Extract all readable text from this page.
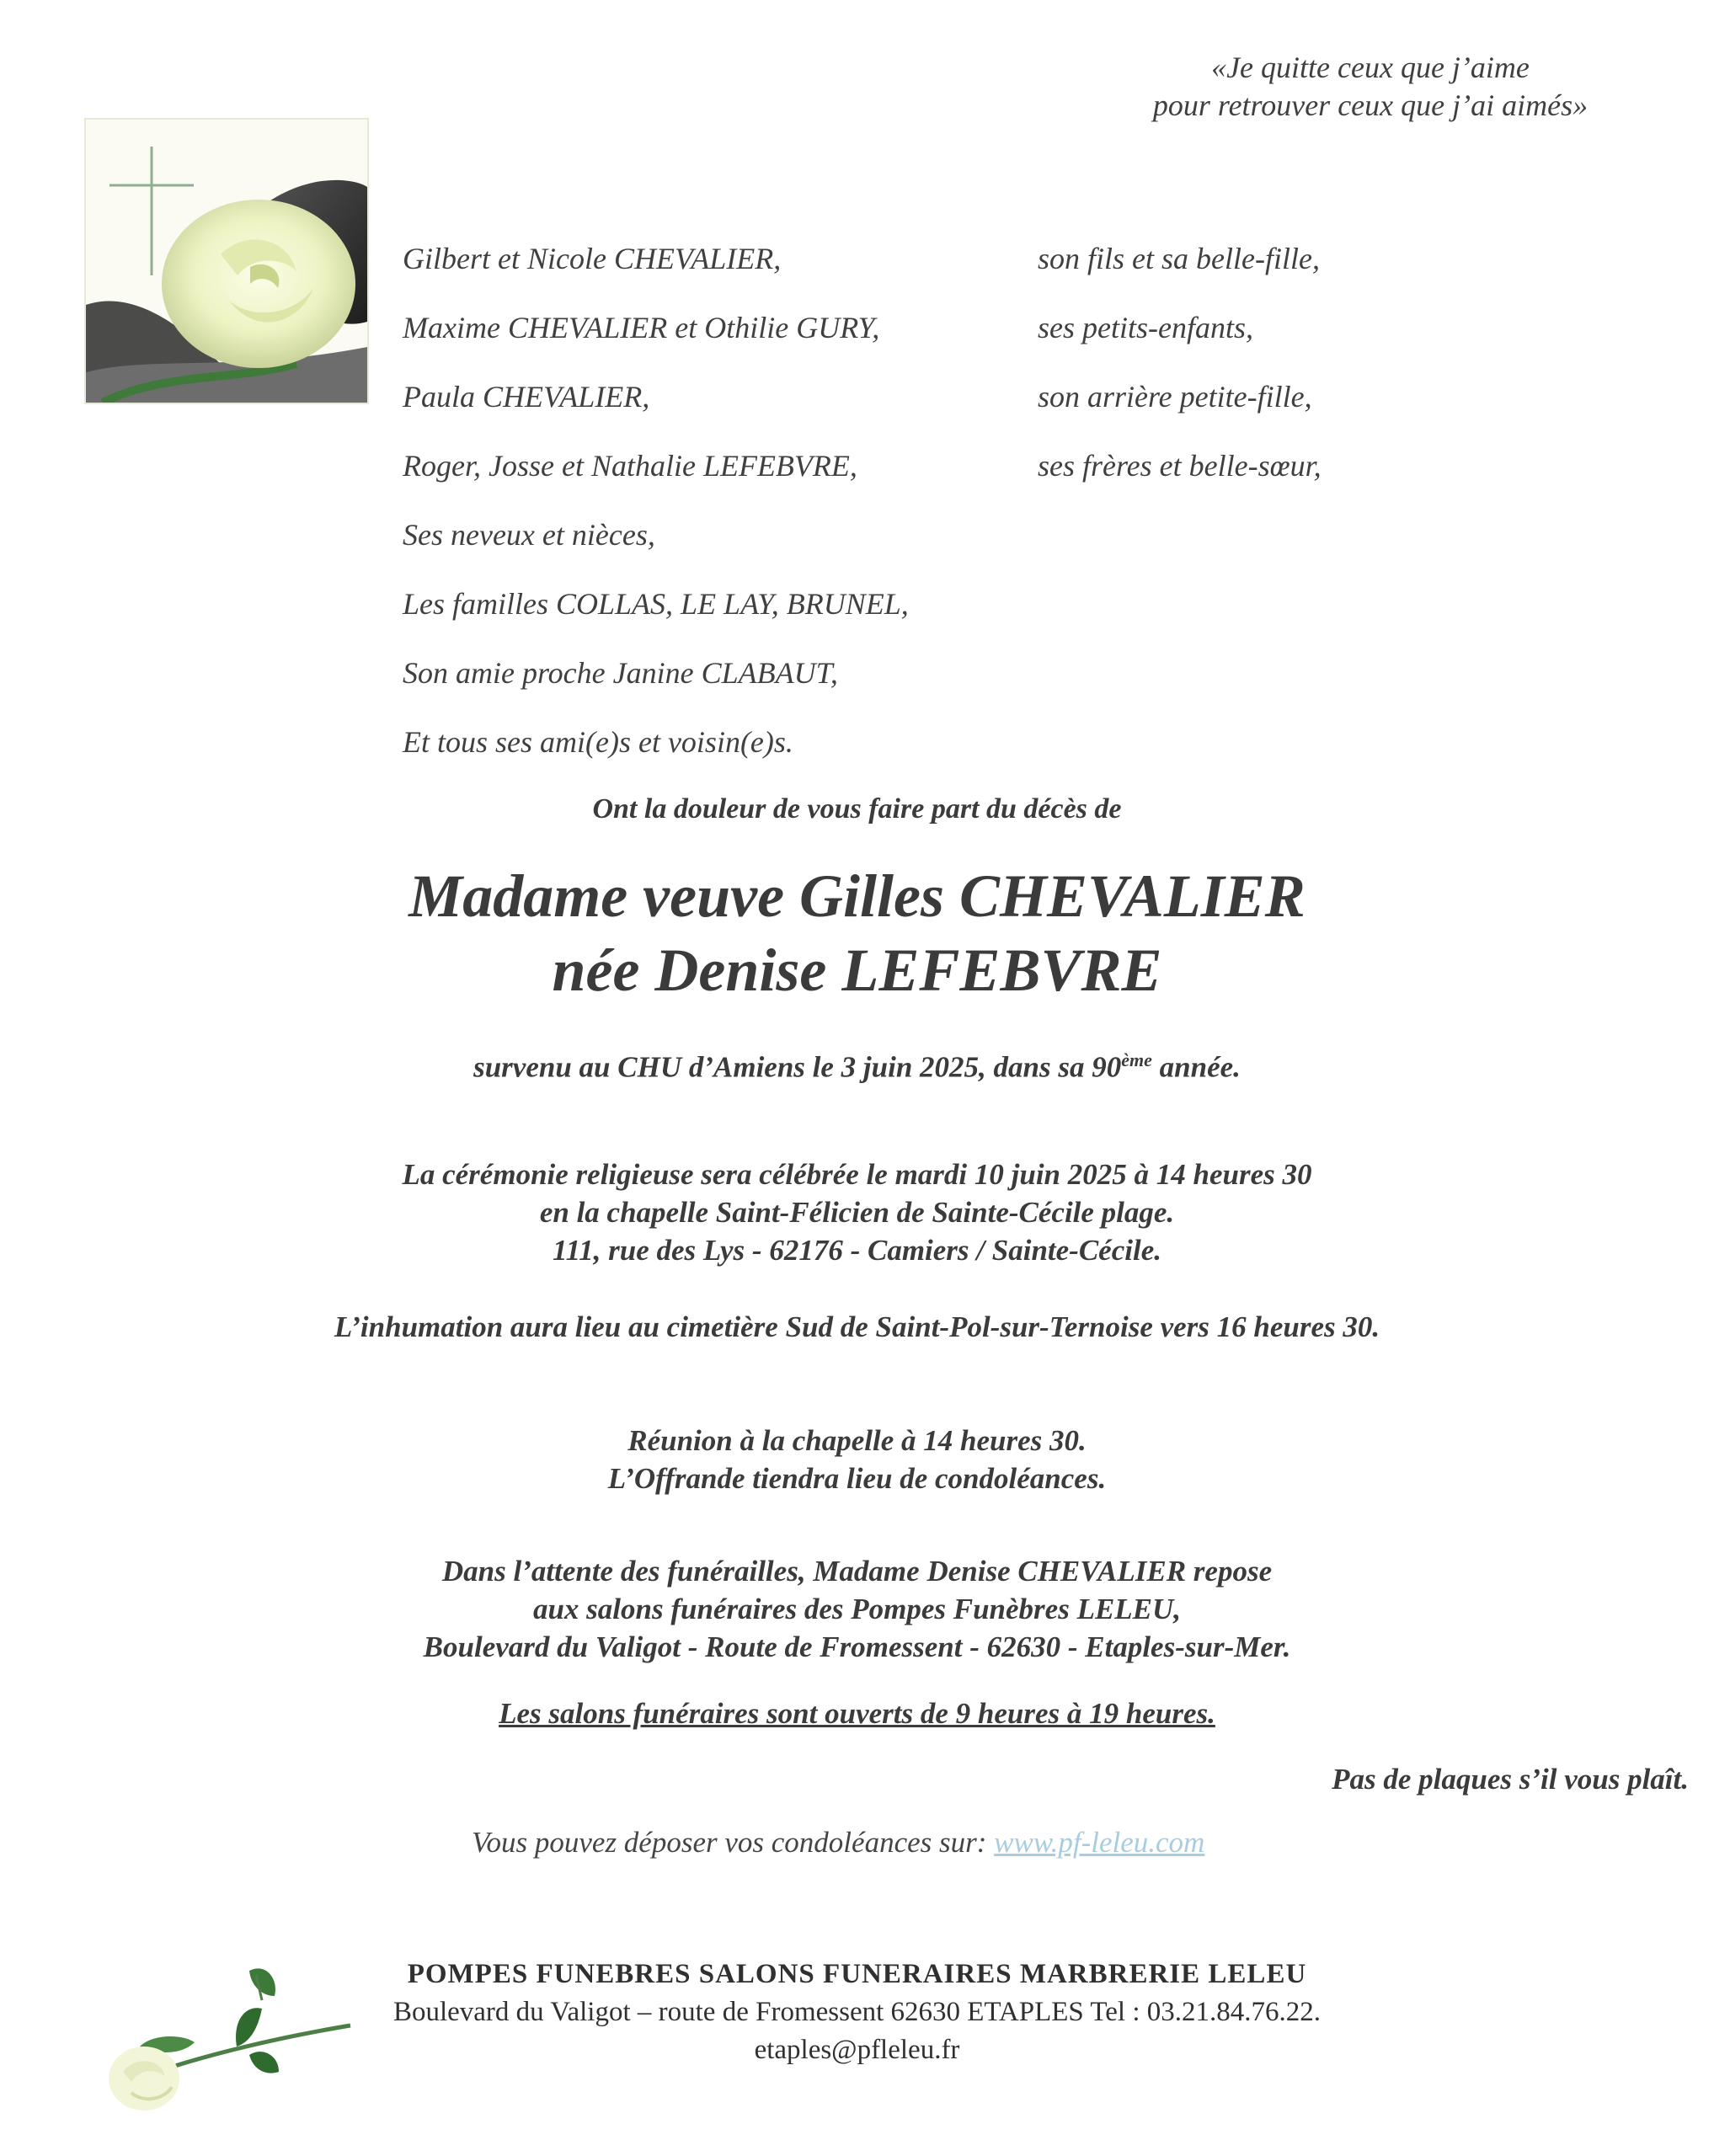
«Je quitte ceux que j’aime
pour retrouver ceux que j’ai aimés»
Gilbert et Nicole CHEVALIER,
Maxime CHEVALIER et Othilie GURY,
Paula CHEVALIER,
Roger, Josse et Nathalie LEFEBVRE,
Ses neveux et nièces,
Les familles COLLAS, LE LAY, BRUNEL,
Son amie proche Janine CLABAUT,
Et tous ses ami(e)s et voisin(e)s.
son fils et sa belle-fille,
ses petits-enfants,
son arrière petite-fille,
ses frères et belle-sœur,
Ont la douleur de vous faire part du décès de
Madame veuve Gilles CHEVALIER
née Denise LEFEBVRE
survenu au CHU d’Amiens le 3 juin 2025, dans sa 90ème année.
La cérémonie religieuse sera célébrée le mardi 10 juin 2025 à 14 heures 30
en la chapelle Saint-Félicien de Sainte-Cécile plage.
111, rue des Lys - 62176 - Camiers / Sainte-Cécile.
L’inhumation aura lieu au cimetière Sud de Saint-Pol-sur-Ternoise vers 16 heures 30.
Réunion à la chapelle à 14 heures 30.
L’Offrande tiendra lieu de condoléances.
Dans l’attente des funérailles, Madame Denise CHEVALIER repose
aux salons funéraires des Pompes Funèbres LELEU,
Boulevard du Valigot - Route de Fromessent - 62630 - Etaples-sur-Mer.
Les salons funéraires sont ouverts de 9 heures à 19 heures.
Pas de plaques s’il vous plaît.
Vous pouvez déposer vos condoléances sur: www.pf-leleu.com
POMPES FUNEBRES SALONS FUNERAIRES MARBRERIE LELEU
Boulevard du Valigot – route de Fromessent 62630 ETAPLES Tel : 03.21.84.76.22.
etaples@pfleleu.fr
